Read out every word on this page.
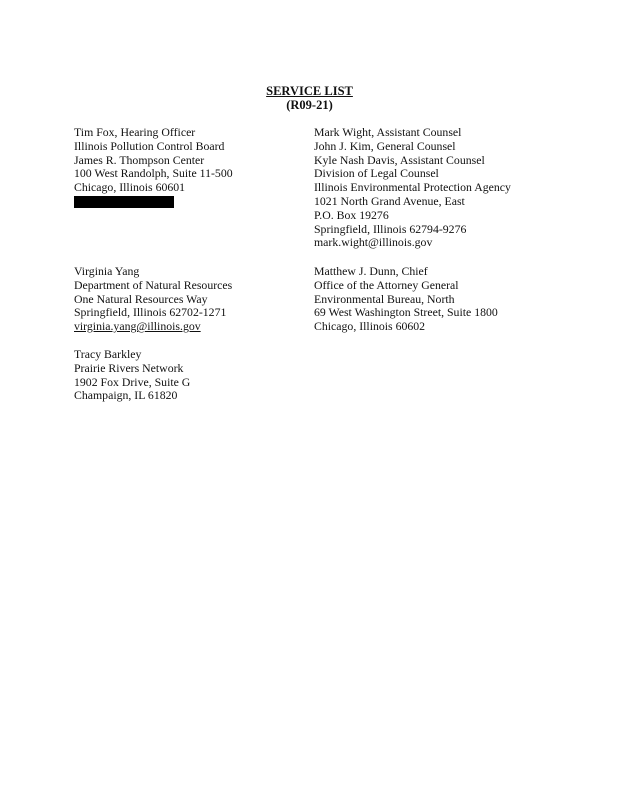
SERVICE LIST
(R09-21)
Tim Fox, Hearing Officer
Illinois Pollution Control Board
James R. Thompson Center
100 West Randolph, Suite 11-500
Chicago, Illinois 60601
Mark Wight, Assistant Counsel
John J. Kim, General Counsel
Kyle Nash Davis, Assistant Counsel
Division of Legal Counsel
Illinois Environmental Protection Agency
1021 North Grand Avenue, East
P.O. Box 19276
Springfield, Illinois 62794-9276
mark.wight@illinois.gov
Virginia Yang
Department of Natural Resources
One Natural Resources Way
Springfield, Illinois 62702-1271
virginia.yang@illinois.gov
Matthew J. Dunn, Chief
Office of the Attorney General
Environmental Bureau, North
69 West Washington Street, Suite 1800
Chicago, Illinois 60602
Tracy Barkley
Prairie Rivers Network
1902 Fox Drive, Suite G
Champaign, IL 61820
